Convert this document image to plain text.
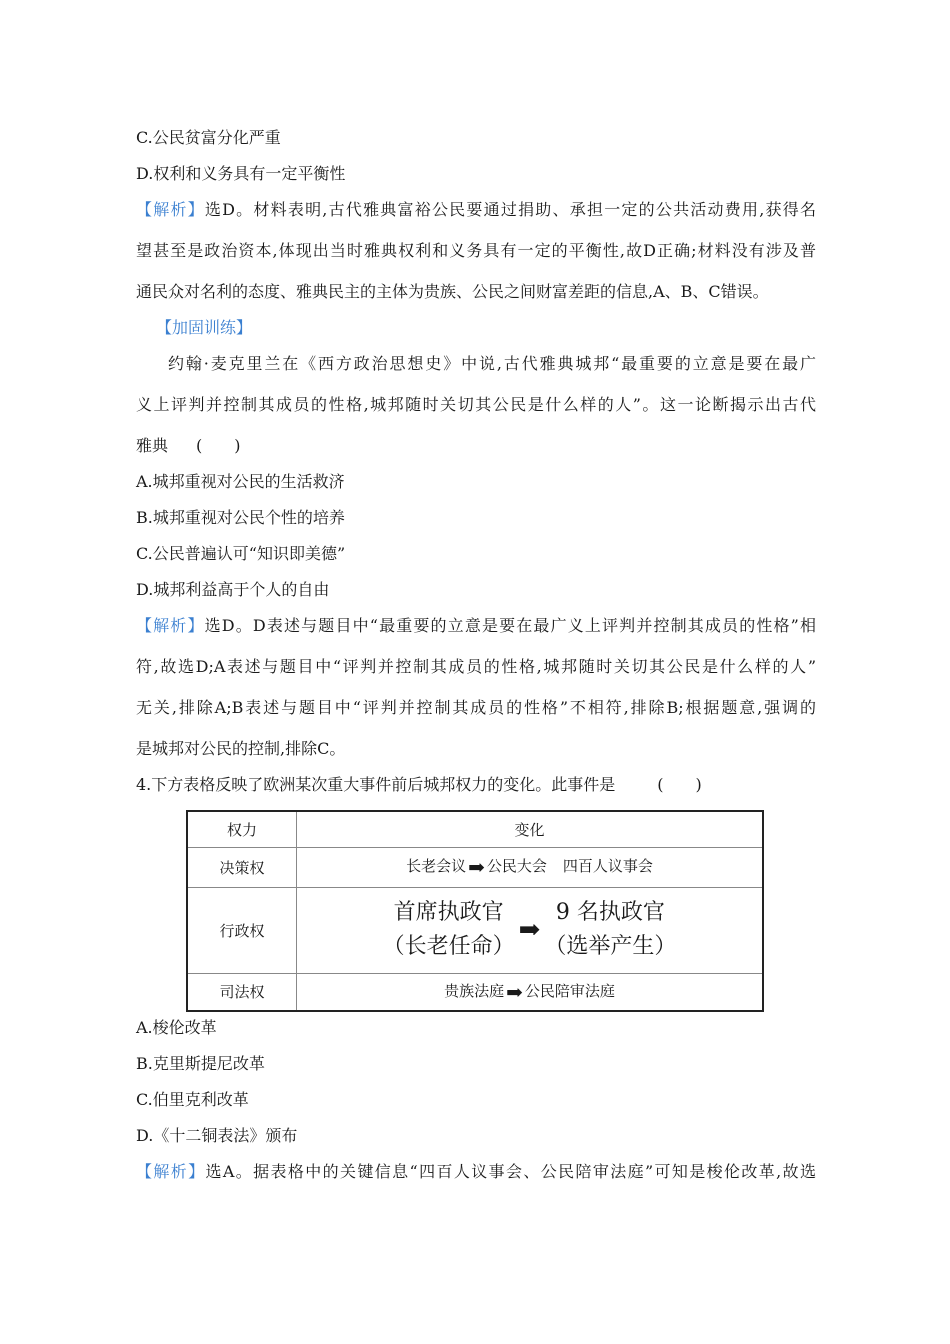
C.公民贫富分化严重

D.权利和义务具有一定平衡性

【解析】选D。材料表明,古代雅典富裕公民要通过捐助、承担一定的公共活动费用,获得名

望甚至是政治资本,体现出当时雅典权利和义务具有一定的平衡性,故D正确;材料没有涉及普

通民众对名利的态度、雅典民主的主体为贵族、公民之间财富差距的信息,A、B、C错误。

【加固训练】

约翰·麦克里兰在《西方政治思想史》中说,古代雅典城邦“最重要的立意是要在最广

义上评判并控制其成员的性格,城邦随时关切其公民是什么样的人”。这一论断揭示出古代

雅典 (　　)

A.城邦重视对公民的生活救济

B.城邦重视对公民个性的培养

C.公民普遍认可“知识即美德”

D.城邦利益高于个人的自由

【解析】选D。D表述与题目中“最重要的立意是要在最广义上评判并控制其成员的性格”相

符,故选D;A表述与题目中“评判并控制其成员的性格,城邦随时关切其公民是什么样的人”

无关,排除A;B表述与题目中“评判并控制其成员的性格”不相符,排除B;根据题意,强调的

是城邦对公民的控制,排除C。

4.下方表格反映了欧洲某次重大事件前后城邦权力的变化。此事件是	(　　)

权力	变化
决策权	长老会议 ➡ 公民大会 四百人议事会
行政权	首席执政官
（长老任命）
➡
9 名执政官
（选举产生）

司法权	贵族法庭 ➡ 公民陪审法庭

A.梭伦改革

B.克里斯提尼改革

C.伯里克利改革

D.《十二铜表法》颁布

【解析】选A。据表格中的关键信息“四百人议事会、公民陪审法庭”可知是梭伦改革,故选
